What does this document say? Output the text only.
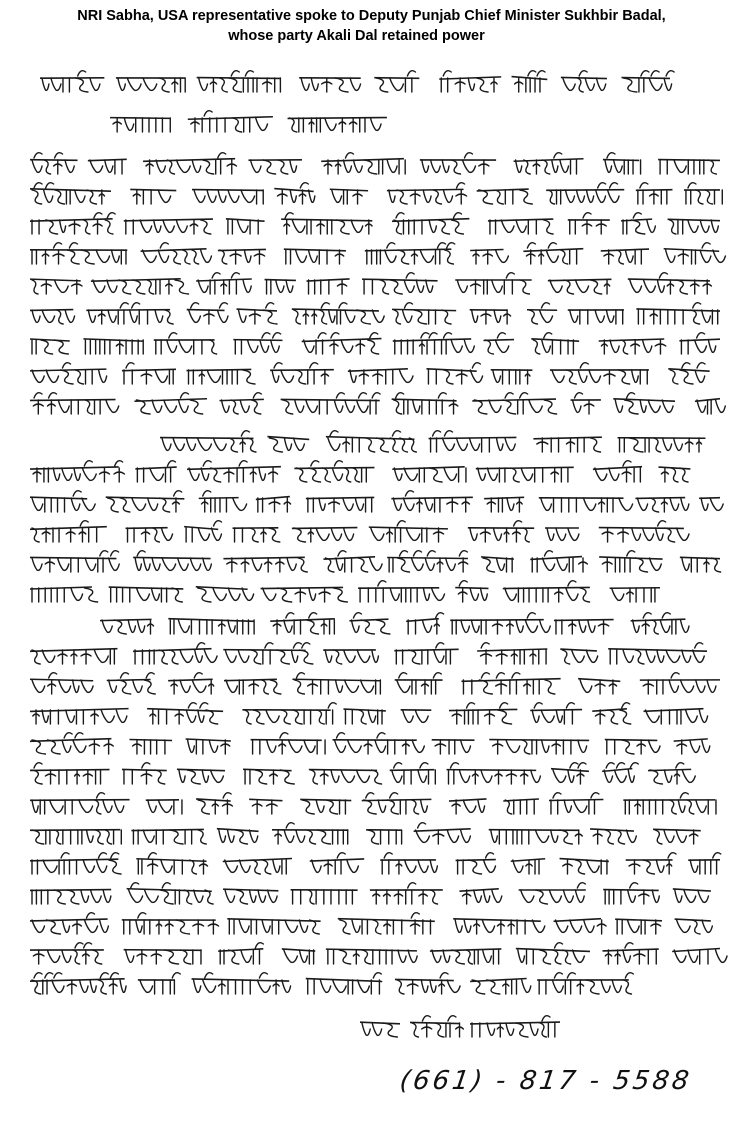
NRI Sabha, USA representative spoke to Deputy Punjab Chief Minister Sukhbir Badal,
whose party Akali Dal retained power
(661) - 817 - 5588
